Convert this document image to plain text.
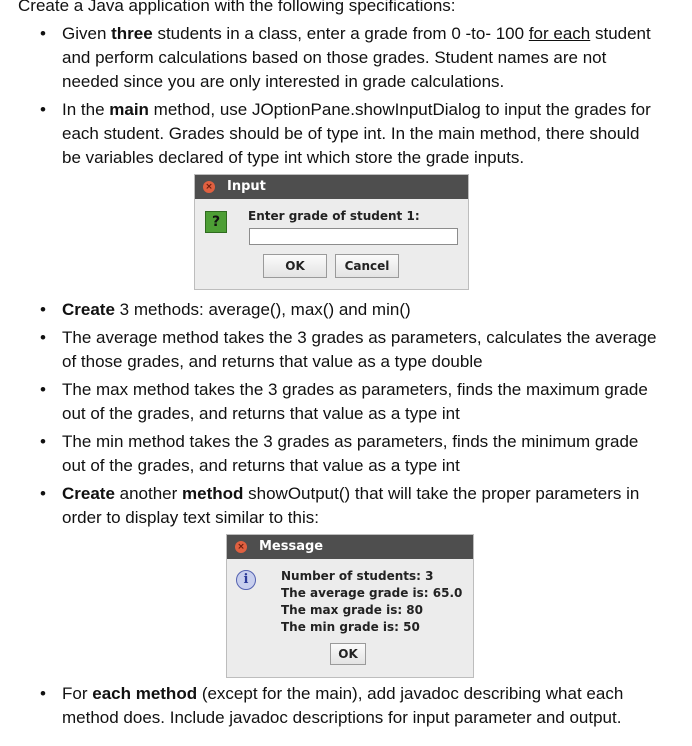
Create a Java application with the following specifications:
• Given three students in a class, enter a grade from 0 -to- 100 for each student and perform calculations based on those grades. Student names are not needed since you are only interested in grade calculations.
• In the main method, use JOptionPane.showInputDialog to input the grades for each student. Grades should be of type int. In the main method, there should be variables declared of type int which store the grade inputs.
× Input
?	Enter grade of student 1:
OK	Cancel
• Create 3 methods: average(), max() and min()
• The average method takes the 3 grades as parameters, calculates the average of those grades, and returns that value as a type double
• The max method takes the 3 grades as parameters, finds the maximum grade out of the grades, and returns that value as a type int
• The min method takes the 3 grades as parameters, finds the minimum grade out of the grades, and returns that value as a type int
• Create another method showOutput() that will take the proper parameters in order to display text similar to this:
× Message
i	Number of students: 3
The average grade is: 65.0
The max grade is: 80
The min grade is: 50
OK
• For each method (except for the main), add javadoc describing what each method does. Include javadoc descriptions for input parameter and output.
